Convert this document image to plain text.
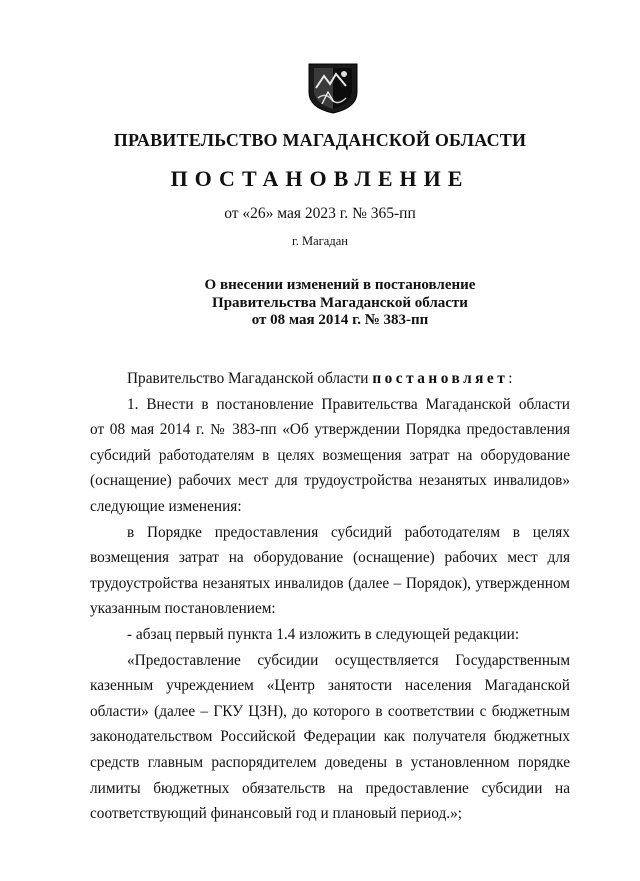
ПРАВИТЕЛЬСТВО МАГАДАНСКОЙ ОБЛАСТИ
ПОСТАНОВЛЕНИЕ
от «26» мая 2023 г. № 365-пп
г. Магадан
О внесении изменений в постановление
Правительства Магаданской области
от 08 мая 2014 г. № 383-пп

Правительство Магаданской области постановляет:

1. Внести в постановление Правительства Магаданской области

от 08 мая 2014 г. № 383-пп «Об утверждении Порядка предоставления

субсидий работодателям в целях возмещения затрат на оборудование

(оснащение) рабочих мест для трудоустройства незанятых инвалидов»

следующие изменения:

в Порядке предоставления субсидий работодателям в целях

возмещения затрат на оборудование (оснащение) рабочих мест для

трудоустройства незанятых инвалидов (далее – Порядок), утвержденном

указанным постановлением:

- абзац первый пункта 1.4 изложить в следующей редакции:

«Предоставление субсидии осуществляется Государственным

казенным учреждением «Центр занятости населения Магаданской

области» (далее – ГКУ ЦЗН), до которого в соответствии с бюджетным

законодательством Российской Федерации как получателя бюджетных

средств главным распорядителем доведены в установленном порядке

лимиты бюджетных обязательств на предоставление субсидии на

соответствующий финансовый год и плановый период.»;
